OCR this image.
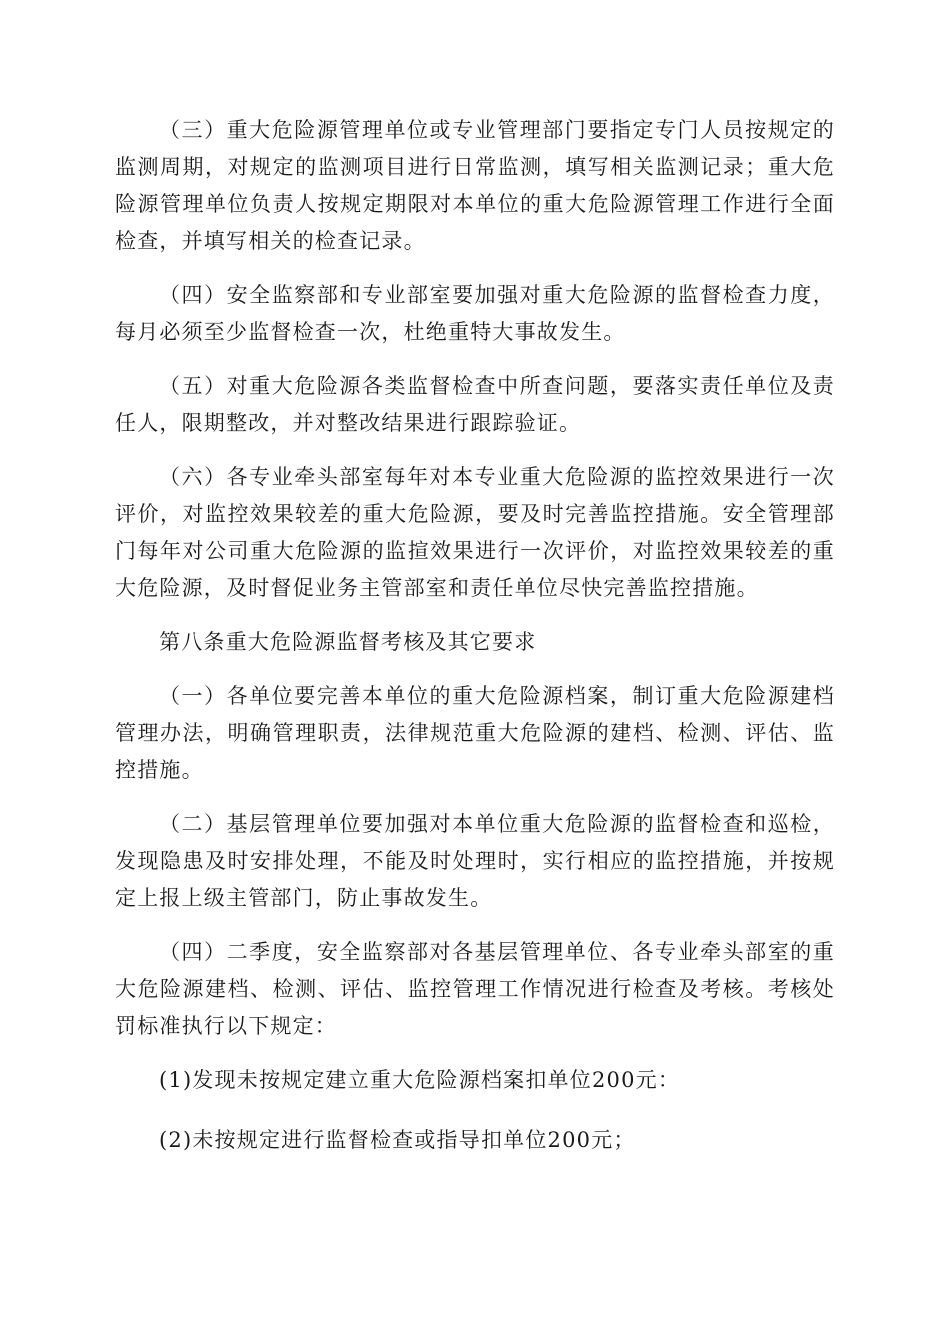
（三）重大危险源管理单位或专业管理部门要指定专门人员按规定的监测周期，对规定的监测项目进行日常监测，填写相关监测记录；重大危险源管理单位负责人按规定期限对本单位的重大危险源管理工作进行全面检查，并填写相关的检查记录。

（四）安全监察部和专业部室要加强对重大危险源的监督检查力度，每月必须至少监督检查一次，杜绝重特大事故发生。

（五）对重大危险源各类监督检查中所查问题，要落实责任单位及责任人，限期整改，并对整改结果进行跟踪验证。

（六）各专业牵头部室每年对本专业重大危险源的监控效果进行一次评价，对监控效果较差的重大危险源，要及时完善监控措施。安全管理部门每年对公司重大危险源的监揎效果进行一次评价，对监控效果较差的重大危险源，及时督促业务主管部室和责任单位尽快完善监控措施。

第八条重大危险源监督考核及其它要求

（一）各单位要完善本单位的重大危险源档案，制订重大危险源建档管理办法，明确管理职责，法律规范重大危险源的建档、检测、评估、监控措施。

（二）基层管理单位要加强对本单位重大危险源的监督检查和巡检，发现隐患及时安排处理，不能及时处理时，实行相应的监控措施，并按规定上报上级主管部门，防止事故发生。

（四）二季度，安全监察部对各基层管理单位、各专业牵头部室的重大危险源建档、检测、评估、监控管理工作情况进行检查及考核。考核处罚标准执行以下规定：

(1)发现未按规定建立重大危险源档案扣单位200元：

(2)未按规定进行监督检查或指导扣单位200元；
